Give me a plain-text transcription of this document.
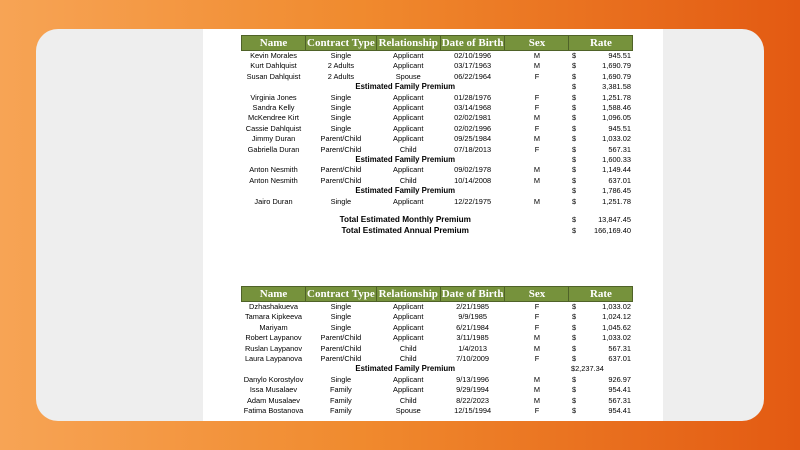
Name	Contract Type	Relationship	Date of Birth	Sex	Rate	
Kevin Morales	Single	Applicant	02/10/1996	M	$	945.51
Kurt Dahlquist	2 Adults	Applicant	03/17/1963	M	$	1,690.79
Susan Dahlquist	2 Adults	Spouse	06/22/1964	F	$	1,690.79
Estimated Family Premium					$	3,381.58
Virginia Jones	Single	Applicant	01/28/1976	F	$	1,251.78
Sandra Kelly	Single	Applicant	03/14/1968	F	$	1,588.46
McKendree Kirt	Single	Applicant	02/02/1981	M	$	1,096.05
Cassie Dahlquist	Single	Applicant	02/02/1996	F	$	945.51
Jimmy Duran	Parent/Child	Applicant	09/25/1984	M	$	1,033.02
Gabriella Duran	Parent/Child	Child	07/18/2013	F	$	567.31
Estimated Family Premium					$	1,600.33
Anton Nesmith	Parent/Child	Applicant	09/02/1978	M	$	1,149.44
Anton Nesmith	Parent/Child	Child	10/14/2008	M	$	637.01
Estimated Family Premium					$	1,786.45
Jairo Duran	Single	Applicant	12/22/1975	M	$	1,251.78

Total Estimated Monthly Premium					$	13,847.45
Total Estimated Annual Premium					$	166,169.40
Name	Contract Type	Relationship	Date of Birth	Sex	Rate	
Dzhashakueva	Single	Applicant	2/21/1985	F	$	1,033.02
Tamara Kipkeeva	Single	Applicant	9/9/1985	F	$	1,024.12
Mariyam	Single	Applicant	6/21/1984	F	$	1,045.62
Robert Laypanov	Parent/Child	Applicant	3/11/1985	M	$	1,033.02
Ruslan Laypanov	Parent/Child	Child	1/4/2013	M	$	567.31
Laura Laypanova	Parent/Child	Child	7/10/2009	F	$	637.01
Estimated Family Premium					$2,237.34	
Danylo Korostylov	Single	Applicant	9/13/1996	M	$	926.97
Issa Musalaev	Family	Applicant	9/29/1994	M	$	954.41
Adam Musalaev	Family	Child	8/22/2023	M	$	567.31
Fatima Bostanova	Family	Spouse	12/15/1994	F	$	954.41
